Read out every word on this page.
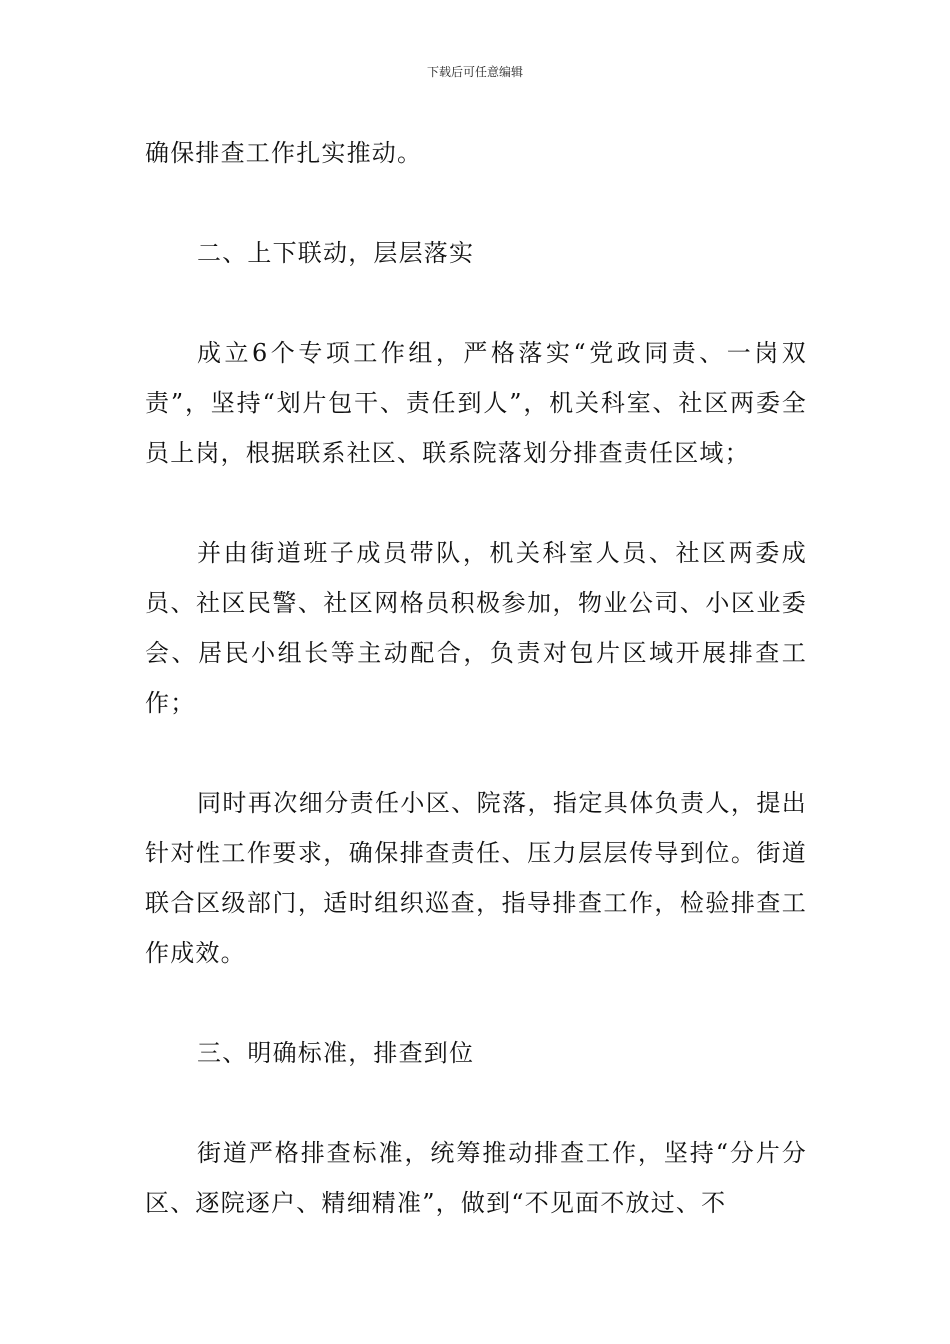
下载后可任意编辑

确保排查工作扎实推动。

二、上下联动，层层落实

成立6个专项工作组，严格落实“党政同责、一岗双责”，坚持“划片包干、责任到人”，机关科室、社区两委全员上岗，根据联系社区、联系院落划分排查责任区域；

并由街道班子成员带队，机关科室人员、社区两委成员、社区民警、社区网格员积极参加，物业公司、小区业委会、居民小组长等主动配合，负责对包片区域开展排查工作；

同时再次细分责任小区、院落，指定具体负责人，提出针对性工作要求，确保排查责任、压力层层传导到位。街道联合区级部门，适时组织巡查，指导排查工作，检验排查工作成效。

三、明确标准，排查到位

街道严格排查标准，统筹推动排查工作，坚持“分片分区、逐院逐户、精细精准”，做到“不见面不放过、不
